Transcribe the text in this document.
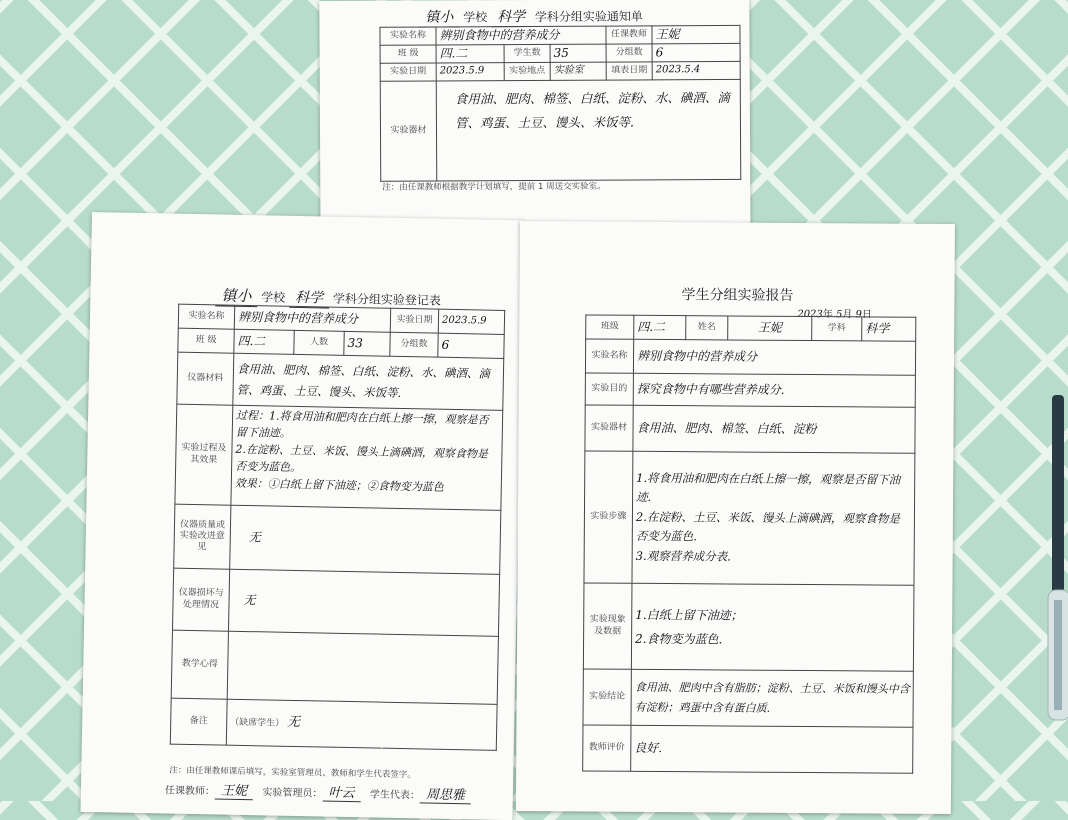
镇小 学校 科学 学科分组实验通知单
实验名称	辨别食物中的营养成分			任课教师	王妮
班 级	四.二	学生数	35	分组数	6
实验日期	2023.5.9	实验地点	实验室	填表日期	2023.5.4
实验器材	食用油、肥肉、棉签、白纸、淀粉、水、碘酒、滴管、鸡蛋、土豆、馒头、米饭等.				
注：由任课教师根据教学计划填写，提前 1 周送交实验室。
镇小 学校 科学 学科分组实验登记表
实验名称	辨别食物中的营养成分			实验日期	2023.5.9
班 级	四.二	人数	33	分组数	6
仪器材料	食用油、肥肉、棉签、白纸、淀粉、水、碘酒、滴管、鸡蛋、土豆、馒头、米饭等.				
实验过程及其效果	过程：1.将食用油和肥肉在白纸上擦一擦，观察是否留下油迹。
2.在淀粉、土豆、米饭、馒头上滴碘酒，观察食物是否变为蓝色。
效果：①白纸上留下油迹；②食物变为蓝色				

仪器质量或实验改进意见	无				
仪器损坏与处理情况	无				
教学心得					
备注	（缺席学生） 无				
注：由任课教师课后填写，实验室管理员、教师和学生代表签字。
任课教师： 王妮 实验管理员： 叶云 学生代表： 周思雅
学生分组实验报告
2023年 5月 9日
班级	四.二	姓名	王妮	学科	科学
实验名称	辨别食物中的营养成分				
实验目的	探究食物中有哪些营养成分.				
实验器材	食用油、肥肉、棉签、白纸、淀粉				
实验步骤	1.将食用油和肥肉在白纸上擦一擦，观察是否留下油迹.
2.在淀粉、土豆、米饭、馒头上滴碘酒，观察食物是否变为蓝色.
3.观察营养成分表.				

实验现象及数据	1.白纸上留下油迹；
2.食物变为蓝色.				

实验结论	食用油、肥肉中含有脂肪；淀粉、土豆、米饭和馒头中含有淀粉；鸡蛋中含有蛋白质.				
教师评价	良好.				
